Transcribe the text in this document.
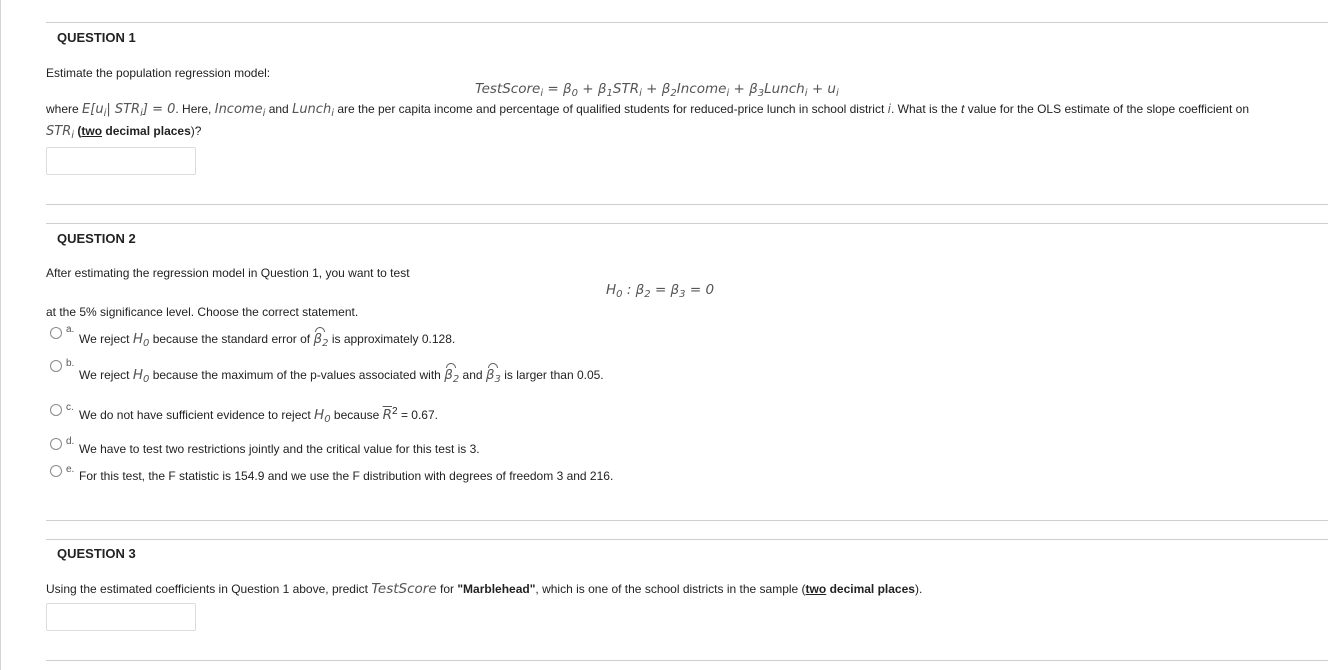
QUESTION 1
Estimate the population regression model:
TestScore$_i$ = $\beta_0 + \beta_1STR_i$ + $\beta_2Income_i$ + $\beta_3Lunch_i + u_i$
where $E[u_i|$ $STR_i] = 0$. Here, Income$_i$ and Lunch$_i$ are the per capita income and percentage of qualified students for reduced-price lunch in school district i. What is the t value for the OLS estimate of the slope coefficient on
$STR_i$ (two decimal places)?
QUESTION 2
After estimating the regression model in Question 1, you want to test
$H_0$ : $\beta_2 = \beta_3 = 0$
at the 5% significance level. Choose the correct statement.
a.
We reject $H_0$ because the standard error of $\beta_2$ is approximately 0.128.
b.
We reject $H_0$ because the maximum of the p-values associated with $\beta_2$ and $\beta_3$ is larger than 0.05.
c.
We do not have sufficient evidence to reject $H_0$ because $\overline{R}^2 = 0.67$.
d.
We have to test two restrictions jointly and the critical value for this test is 3.
e. For this test, the F statistic is 154.9 and we use the F distribution with degrees of freedom 3 and 216.
QUESTION 3
Using the estimated coefficients in Question 1 above, predict TestScore for "Marblehead", which is one of the school districts in the sample (two decimal places).
